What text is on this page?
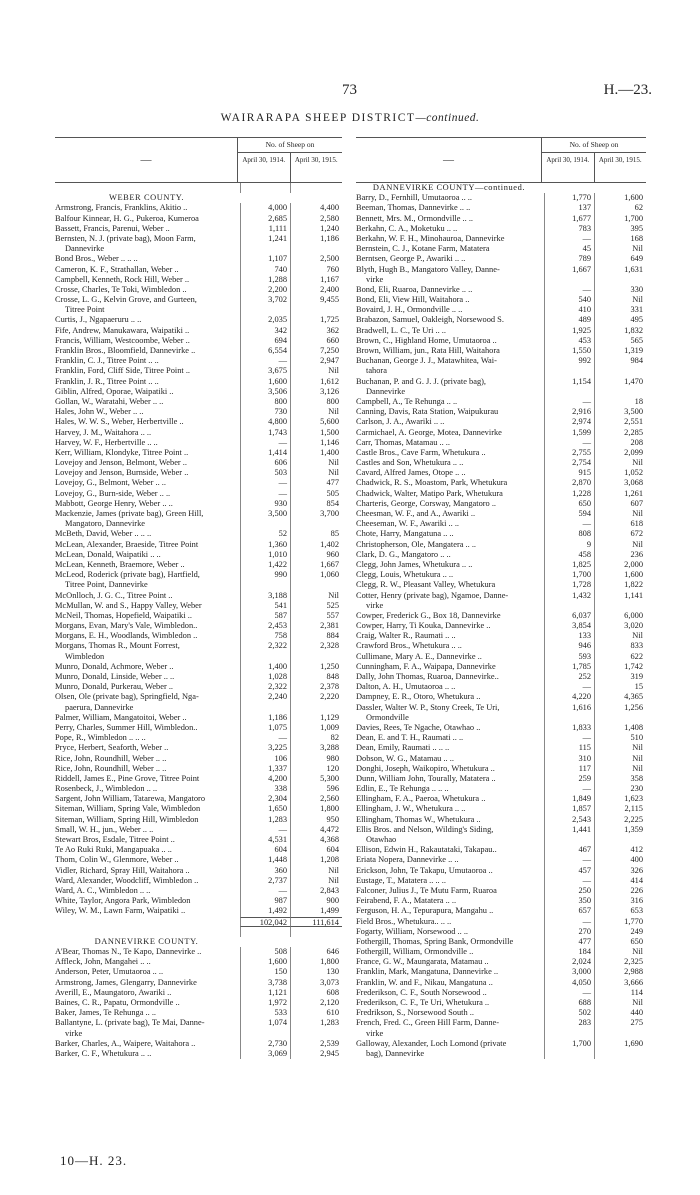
73	H.—23.
WAIRARAPA SHEEP DISTRICT—continued.
—
No. of Sheep on
April 30, 1914.	April 30, 1915.
WEBER COUNTY.
Armstrong, Francis, Franklins, Akitio ..	4,000	4,400
Balfour Kinnear, H. G., Pukeroa, Kumeroa	2,685	2,580
Bassett, Francis, Parenui, Weber ..	1,111	1,240
Bernsten, N. J. (private bag), Moon Farm,	1,241	1,186
Dannevirke
Bond Bros., Weber .. .. ..	1,107	2,500
Cameron, K. F., Strathallan, Weber ..	740	760
Campbell, Kenneth, Rock Hill, Weber ..	1,288	1,167
Crosse, Charles, Te Toki, Wimbledon ..	2,200	2,400
Crosse, L. G., Kelvin Grove, and Gurteen,	3,702	9,455
Titree Point
Curtis, J., Ngapaeruru .. ..	2,035	1,725
Fife, Andrew, Manukawara, Waipatiki ..	342	362
Francis, William, Westcoombe, Weber ..	694	660
Franklin Bros., Bloomfield, Dannevirke ..	6,554	7,250
Franklin, C. J., Titree Point .. ..	—	2,947
Franklin, Ford, Cliff Side, Titree Point ..	3,675	Nil
Franklin, J. R., Titree Point .. ..	1,600	1,612
Giblin, Alfred, Oporae, Waipatiki ..	3,506	3,126
Gollan, W., Waratahi, Weber .. ..	800	800
Hales, John W., Weber .. ..	730	Nil
Hales, W. W. S., Weber, Herbertville ..	4,800	5,600
Harvey, J. M., Waitahora .. ..	1,743	1,500
Harvey, W. F., Herbertville .. ..	—	1,146
Kerr, William, Klondyke, Titree Point ..	1,414	1,400
Lovejoy and Jenson, Belmont, Weber ..	606	Nil
Lovejoy and Jenson, Burnside, Weber ..	503	Nil
Lovejoy, G., Belmont, Weber .. ..	—	477
Lovejoy, G., Burn-side, Weber .. ..	—	505
Mabbott, George Henry, Weber .. ..	930	854
Mackenzie, James (private bag), Green Hill,	3,500	3,700
Mangatoro, Dannevirke
McBeth, David, Weber .. .. ..	52	85
McLean, Alexander, Braeside, Titree Point	1,360	1,402
McLean, Donald, Waipatiki .. ..	1,010	960
McLean, Kenneth, Braemore, Weber ..	1,422	1,667
McLeod, Roderick (private bag), Hartfield,	990	1,060
Titree Point, Dannevirke
McOnlloch, J. G. C., Titree Point ..	3,188	Nil
McMullan, W. and S., Happy Valley, Weber	541	525
McNeil, Thomas, Hopefield, Waipatiki ..	587	557
Morgans, Evan, Mary's Vale, Wimbledon..	2,453	2,381
Morgans, E. H., Woodlands, Wimbledon ..	758	884
Morgans, Thomas R., Mount Forrest,	2,322	2,328
Wimbledon
Munro, Donald, Achmore, Weber ..	1,400	1,250
Munro, Donald, Linside, Weber .. ..	1,028	848
Munro, Donald, Purkerau, Weber ..	2,322	2,378
Olsen, Ole (private bag), Springfield, Nga-	2,240	2,220
paerura, Dannevirke
Palmer, William, Mangatoitoi, Weber ..	1,186	1,129
Perry, Charles, Summer Hill, Wimbledon..	1,075	1,009
Pope, R., Wimbledon .. .. ..	—	82
Pryce, Herbert, Seaforth, Weber ..	3,225	3,288
Rice, John, Roundhill, Weber .. ..	106	980
Rice, John, Roundhill, Weber .. ..	1,337	120
Riddell, James E., Pine Grove, Titree Point	4,200	5,300
Rosenbeck, J., Wimbledon .. ..	338	596
Sargent, John William, Tatarewa, Mangatoro	2,304	2,560
Siteman, William, Spring Vale, Wimbledon	1,650	1,800
Siteman, William, Spring Hill, Wimbledon	1,283	950
Small, W. H., jun., Weber .. ..	—	4,472
Stewart Bros, Esdale, Titree Point ..	4,531	4,368
Te Ao Ruki Ruki, Mangapuaka .. ..	604	604
Thom, Colin W., Glenmore, Weber ..	1,448	1,208
Vidler, Richard, Spray Hill, Waitahora ..	360	Nil
Ward, Alexander, Woodcliff, Wimbledon ..	2,737	Nil
Ward, A. C., Wimbledon .. ..	—	2,843
White, Taylor, Angora Park, Wimbledon	987	900
Wiley, W. M., Lawn Farm, Waipatiki ..	1,492	1,499
102,042	111,614
DANNEVIRKE COUNTY.
A'Bear, Thomas N., Te Kapo, Dannevirke ..	508	646
Affleck, John, Mangahei .. ..	1,600	1,800
Anderson, Peter, Umutaoroa .. ..	150	130
Armstrong, James, Glengarry, Dannevirke	3,738	3,073
Averill, E., Maungatoro, Awariki ..	1,121	608
Baines, C. R., Papatu, Ormondville ..	1,972	2,120
Baker, James, Te Rehunga .. ..	533	610
Ballantyne, L. (private bag), Te Mai, Danne-	1,074	1,283
virke
Barker, Charles, A., Waipere, Waitahora ..	2,730	2,539
Barker, C. F., Whetukura .. ..	3,069	2,945
—
No. of Sheep on
April 30, 1914.	April 30, 1915.
DANNEVIRKE COUNTY—continued.
Barry, D., Fernhill, Umutaoroa .. ..	1,770	1,600
Beeman, Thomas, Dannevirke .. ..	137	62
Bennett, Mrs. M., Ormondville .. ..	1,677	1,700
Berkahn, C. A., Moketuku .. ..	783	395
Berkahn, W. F. H., Minohauroa, Dannevirke	—	168
Bernstein, C. J., Kotane Farm, Matatera	45	Nil
Berntsen, George P., Awariki .. ..	789	649
Blyth, Hugh B., Mangatoro Valley, Danne-	1,667	1,631
virke
Bond, Eli, Ruaroa, Dannevirke .. ..	—	330
Bond, Eli, View Hill, Waitahora ..	540	Nil
Bovaird, J. H., Ormondville .. ..	410	331
Brabazon, Samuel, Oakleigh, Norsewood S.	489	495
Bradwell, L. C., Te Uri .. ..	1,925	1,832
Brown, C., Highland Home, Umutaoroa ..	453	565
Brown, William, jun., Rata Hill, Waitahora	1,550	1,319
Buchanan, George J. J., Matawhitea, Wai-	992	984
tahora
Buchanan, P. and G. J. J. (private bag),	1,154	1,470
Dannevirke
Campbell, A., Te Rehunga .. ..	—	18
Canning, Davis, Rata Station, Waipukurau	2,916	3,500
Carlson, J. A., Awariki .. ..	2,974	2,551
Carmichael, A. George, Motea, Dannevirke	1,599	2,285
Carr, Thomas, Matamau .. ..	—	208
Castle Bros., Cave Farm, Whetukura ..	2,755	2,099
Castles and Son, Whetukura .. ..	2,754	Nil
Cavard, Alfred James, Otope .. ..	915	1,052
Chadwick, R. S., Moastom, Park, Whetukura	2,870	3,068
Chadwick, Walter, Matipo Park, Whetukura	1,228	1,261
Charteris, George, Corsway, Mangatoro ..	650	607
Cheesman, W. F., and A., Awariki ..	594	Nil
Cheeseman, W. F., Awariki .. ..	—	618
Chote, Harry, Mangatuna .. ..	808	672
Christopherson, Ole, Mangatera .. ..	9	Nil
Clark, D. G., Mangatoro .. ..	458	236
Clegg, John James, Whetukura .. ..	1,825	2,000
Clegg, Louis, Whetukura .. ..	1,700	1,600
Clegg, R. W., Pleasant Valley, Whetukura	1,728	1,822
Cotter, Henry (private bag), Ngamoe, Danne-	1,432	1,141
virke
Cowper, Frederick G., Box 18, Dannevirke	6,037	6,000
Cowper, Harry, Ti Kouka, Dannevirke ..	3,854	3,020
Craig, Walter R., Raumati .. ..	133	Nil
Crawford Bros., Whetukura .. ..	946	833
Cullimane, Mary A. E., Dannevirke ..	593	622
Cunningham, F. A., Waipapa, Dannevirke	1,785	1,742
Dally, John Thomas, Ruaroa, Dannevirke..	252	319
Dalton, A. H., Umutaoroa .. ..	—	15
Dampney, E. R., Otoro, Whetukura ..	4,220	4,365
Dassler, Walter W. P., Stony Creek, Te Uri,	1,616	1,256
Ormondville
Davies, Rees, Te Ngache, Otawhao ..	1,833	1,408
Dean, E. and T. H., Raumati .. ..	—	510
Dean, Emily, Raumati .. .. ..	115	Nil
Dobson, W. G., Matamau .. ..	310	Nil
Donghi, Joseph, Waikopiro, Whetukura ..	117	Nil
Dunn, William John, Tourally, Matatera ..	259	358
Edlin, E., Te Rehunga .. .. ..	—	230
Ellingham, F. A., Paeroa, Whetukura ..	1,849	1,623
Ellingham, J. W., Whetukura .. ..	1,857	2,115
Ellingham, Thomas W., Whetukura ..	2,543	2,225
Ellis Bros. and Nelson, Wilding's Siding,	1,441	1,359
Otawhao
Ellison, Edwin H., Rakautataki, Takapau..	467	412
Eriata Nopera, Dannevirke .. ..	—	400
Erickson, John, Te Takapu, Umutaoroa ..	457	326
Eustage, T., Matatera .. .. ..	—	414
Falconer, Julius J., Te Mutu Farm, Ruaroa	250	226
Feirabend, F. A., Matatera .. ..	350	316
Ferguson, H. A., Tepurapura, Mangahu ..	657	653
Field Bros., Whetukura.. .. ..	—	1,770
Fogarty, William, Norsewood .. ..	270	249
Fothergill, Thomas, Spring Bank, Ormondville	477	650
Fothergill, William, Ormondville ..	184	Nil
France, G. W., Maungarata, Matamau ..	2,024	2,325
Franklin, Mark, Mangatuna, Dannevirke ..	3,000	2,988
Franklin, W. and F., Nikau, Mangatuna ..	4,050	3,666
Frederikson, C. F., South Norsewood ..	—	114
Frederikson, C. F., Te Uri, Whetukura ..	688	Nil
Fredrikson, S., Norsewood South ..	502	440
French, Fred. C., Green Hill Farm, Danne-	283	275
virke
Galloway, Alexander, Loch Lomond (private	1,700	1,690
bag), Dannevirke
10—H. 23.
